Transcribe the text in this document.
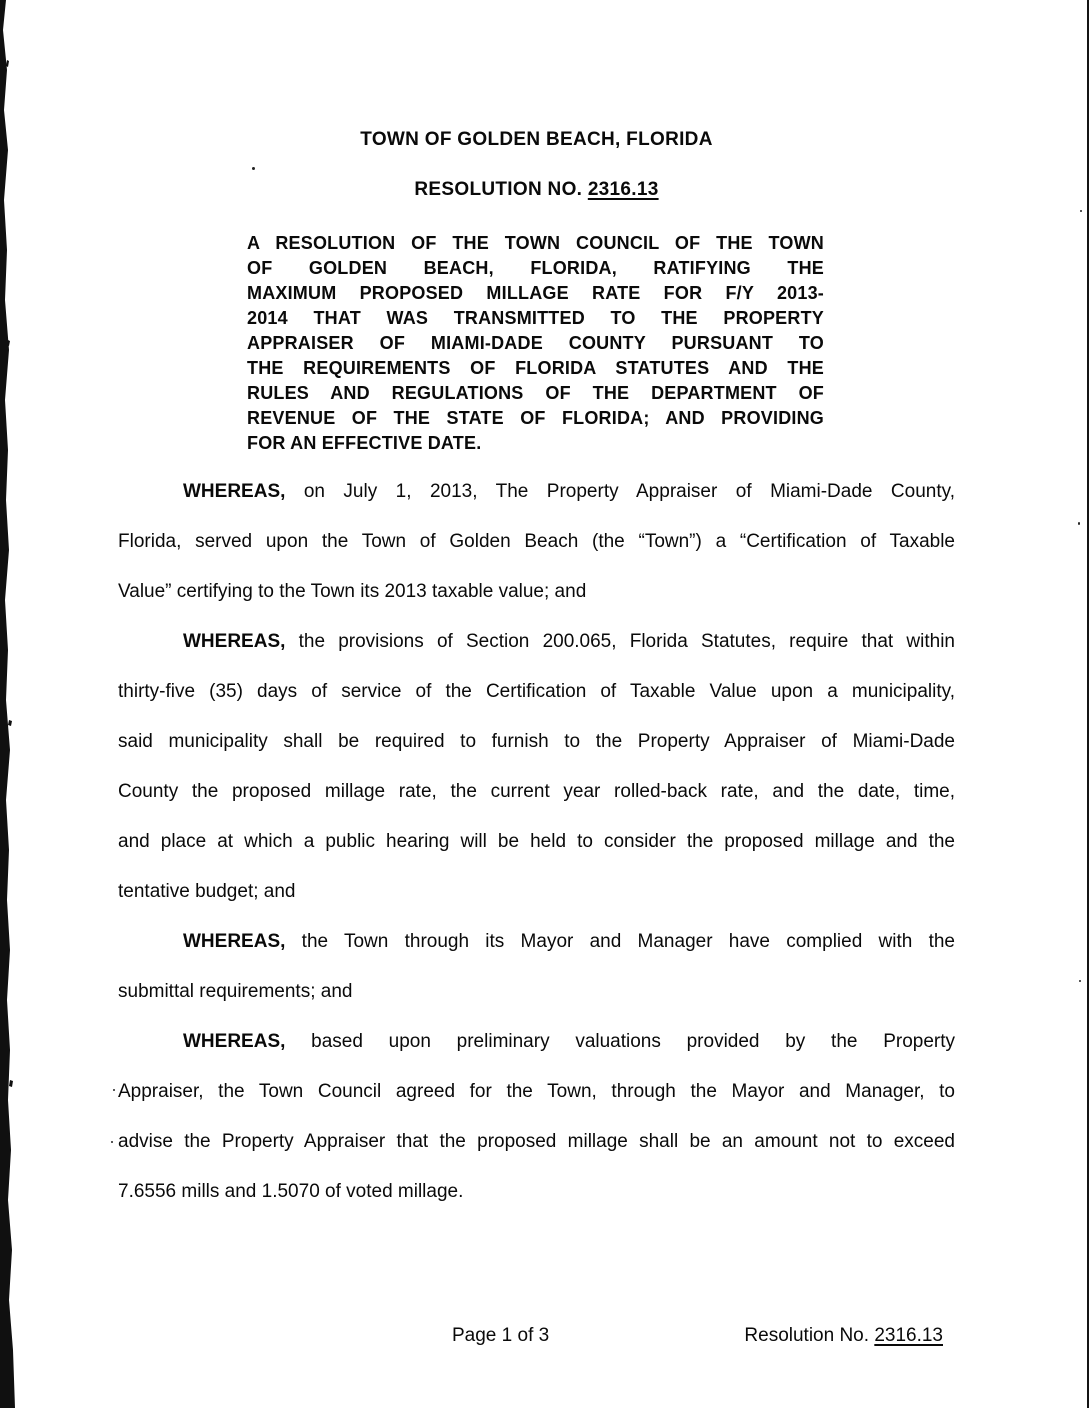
TOWN OF GOLDEN BEACH, FLORIDA
RESOLUTION NO. 2316.13
A RESOLUTION OF THE TOWN COUNCIL OF THE TOWN
OF GOLDEN BEACH, FLORIDA, RATIFYING THE
MAXIMUM PROPOSED MILLAGE RATE FOR F/Y 2013-
2014 THAT WAS TRANSMITTED TO THE PROPERTY
APPRAISER OF MIAMI-DADE COUNTY PURSUANT TO
THE REQUIREMENTS OF FLORIDA STATUTES AND THE
RULES AND REGULATIONS OF THE DEPARTMENT OF
REVENUE OF THE STATE OF FLORIDA; AND PROVIDING
FOR AN EFFECTIVE DATE.
WHEREAS, on July 1, 2013, The Property Appraiser of Miami-Dade County,
Florida, served upon the Town of Golden Beach (the “Town”) a “Certification of Taxable
Value” certifying to the Town its 2013 taxable value; and
WHEREAS, the provisions of Section 200.065, Florida Statutes, require that within
thirty-five (35) days of service of the Certification of Taxable Value upon a municipality,
said municipality shall be required to furnish to the Property Appraiser of Miami-Dade
County the proposed millage rate, the current year rolled-back rate, and the date, time,
and place at which a public hearing will be held to consider the proposed millage and the
tentative budget; and
WHEREAS, the Town through its Mayor and Manager have complied with the
submittal requirements; and
WHEREAS, based upon preliminary valuations provided by the Property
Appraiser, the Town Council agreed for the Town, through the Mayor and Manager, to
advise the Property Appraiser that the proposed millage shall be an amount not to exceed
7.6556 mills and 1.5070 of voted millage.
Page 1 of 3	Resolution No. 2316.13
